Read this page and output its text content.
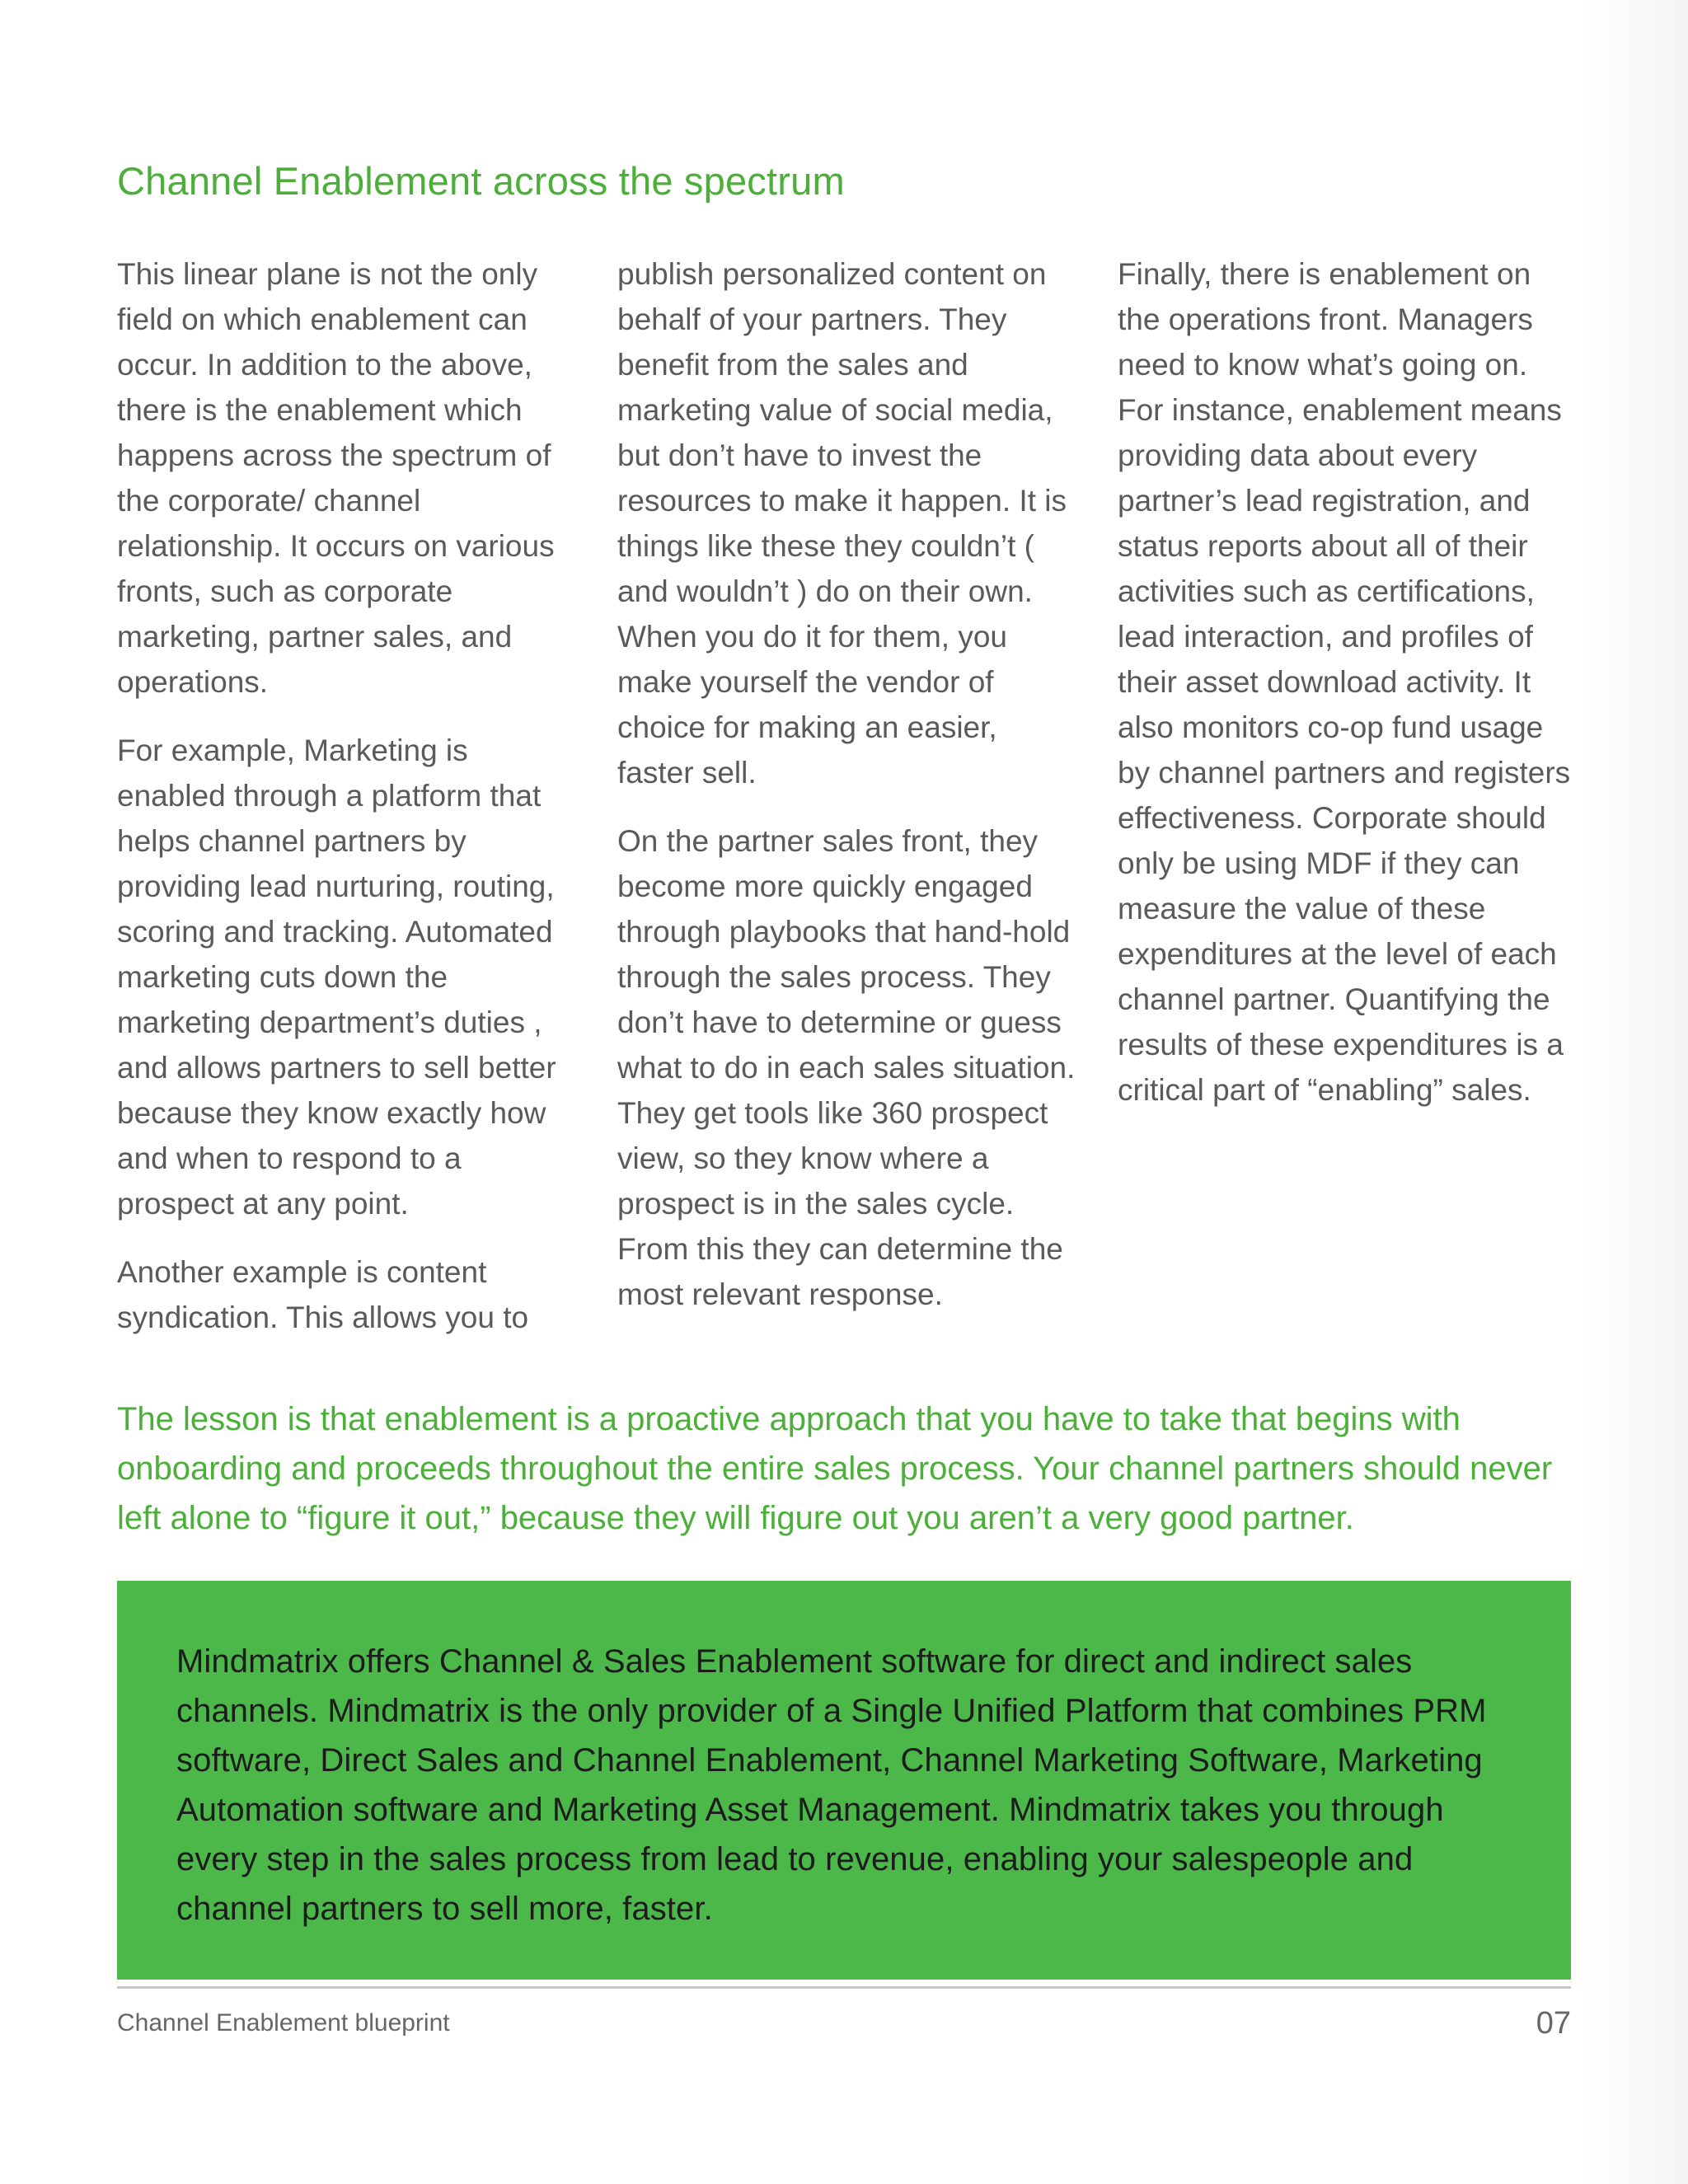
Channel Enablement across the spectrum

This linear plane is not the only field on which enablement can occur. In addition to the above, there is the enablement which happens across the spectrum of the corporate/ channel relationship. It occurs on various fronts, such as corporate marketing, partner sales, and operations.

For example, Marketing is enabled through a platform that helps channel partners by providing lead nurturing, routing, scoring and tracking. Automated marketing cuts down the marketing department’s duties , and allows partners to sell better because they know exactly how and when to respond to a prospect at any point.

Another example is content syndication. This allows you to

publish personalized content on behalf of your partners. They benefit from the sales and marketing value of social media, but don’t have to invest the resources to make it happen. It is things like these they couldn’t ( and wouldn’t ) do on their own. When you do it for them, you make yourself the vendor of choice for making an easier, faster sell.

On the partner sales front, they become more quickly engaged through playbooks that hand-hold through the sales process. They don’t have to determine or guess what to do in each sales situation. They get tools like 360 prospect view, so they know where a prospect is in the sales cycle. From this they can determine the most relevant response.

Finally, there is enablement on the operations front. Managers need to know what’s going on. For instance, enablement means providing data about every partner’s lead registration, and status reports about all of their activities such as certifications, lead interaction, and profiles of their asset download activity. It also monitors co-op fund usage by channel partners and registers effectiveness. Corporate should only be using MDF if they can measure the value of these expenditures at the level of each channel partner. Quantifying the results of these expenditures is a critical part of “enabling” sales.

The lesson is that enablement is a proactive approach that you have to take that begins with onboarding and proceeds throughout the entire sales process. Your channel partners should never left alone to “figure it out,” because they will figure out you aren’t a very good partner.

Mindmatrix offers Channel & Sales Enablement software for direct and indirect sales channels. Mindmatrix is the only provider of a Single Unified Platform that combines PRM software, Direct Sales and Channel Enablement, Channel Marketing Software, Marketing Automation software and Marketing Asset Management. Mindmatrix takes you through every step in the sales process from lead to revenue, enabling your salespeople and channel partners to sell more, faster.

Channel Enablement blueprint	07
